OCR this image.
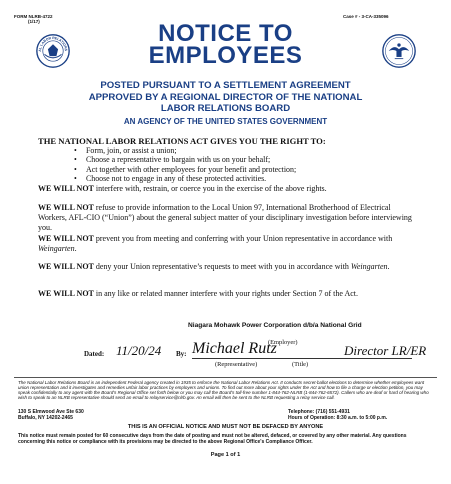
FORM NLRB-4722
(1/17)
Case # - 3-CA-335096
AL LABOR RELATIONS
NOTICE TO
EMPLOYEES
POSTED PURSUANT TO A SETTLEMENT AGREEMENT
APPROVED BY A REGIONAL DIRECTOR OF THE NATIONAL
LABOR RELATIONS BOARD
AN AGENCY OF THE UNITED STATES GOVERNMENT
THE NATIONAL LABOR RELATIONS ACT GIVES YOU THE RIGHT TO:
• Form, join, or assist a union;
• Choose a representative to bargain with us on your behalf;
• Act together with other employees for your benefit and protection;
• Choose not to engage in any of these protected activities.
WE WILL NOT interfere with, restrain, or coerce you in the exercise of the above rights.
WE WILL NOT refuse to provide information to the Local Union 97, International Brotherhood of Electrical Workers, AFL-CIO (“Union”) about the general subject matter of your disciplinary investigation before interviewing you.
WE WILL NOT prevent you from meeting and conferring with your Union representative in accordance with Weingarten.
WE WILL NOT deny your Union representative’s requests to meet with you in accordance with Weingarten.
WE WILL NOT in any like or related manner interfere with your rights under Section 7 of the Act.
Niagara Mohawk Power Corporation d/b/a National Grid
(Employer)
Dated: 11/20/24 By: Michael Rutz	Director LR/ER
(Representative)	(Title)
The National Labor Relations Board is an independent Federal agency created in 1935 to enforce the National Labor Relations Act. It conducts secret-ballot elections to determine whether employees want union representation and it investigates and remedies unfair labor practices by employers and unions. To find out more about your rights under the Act and how to file a charge or election petition, you may speak confidentially to any agent with the Board's Regional Office set forth below or you may call the Board's toll-free number 1-844-762-NLRB (1-844-762-6572). Callers who are deaf or hard of hearing who wish to speak to an NLRB representative should send an email to relayservice@nlrb.gov. An email will then be sent to the NLRB requesting a relay service call.
130 S Elmwood Ave Ste 630
Buffalo, NY 14202-2465
Telephone: (716) 551-4931
Hours of Operation: 8:30 a.m. to 5:00 p.m.
THIS IS AN OFFICIAL NOTICE AND MUST NOT BE DEFACED BY ANYONE
This notice must remain posted for 60 consecutive days from the date of posting and must not be altered, defaced, or covered by any other material. Any questions concerning this notice or compliance with its provisions may be directed to the above Regional Office's Compliance Officer.
Page 1 of 1
